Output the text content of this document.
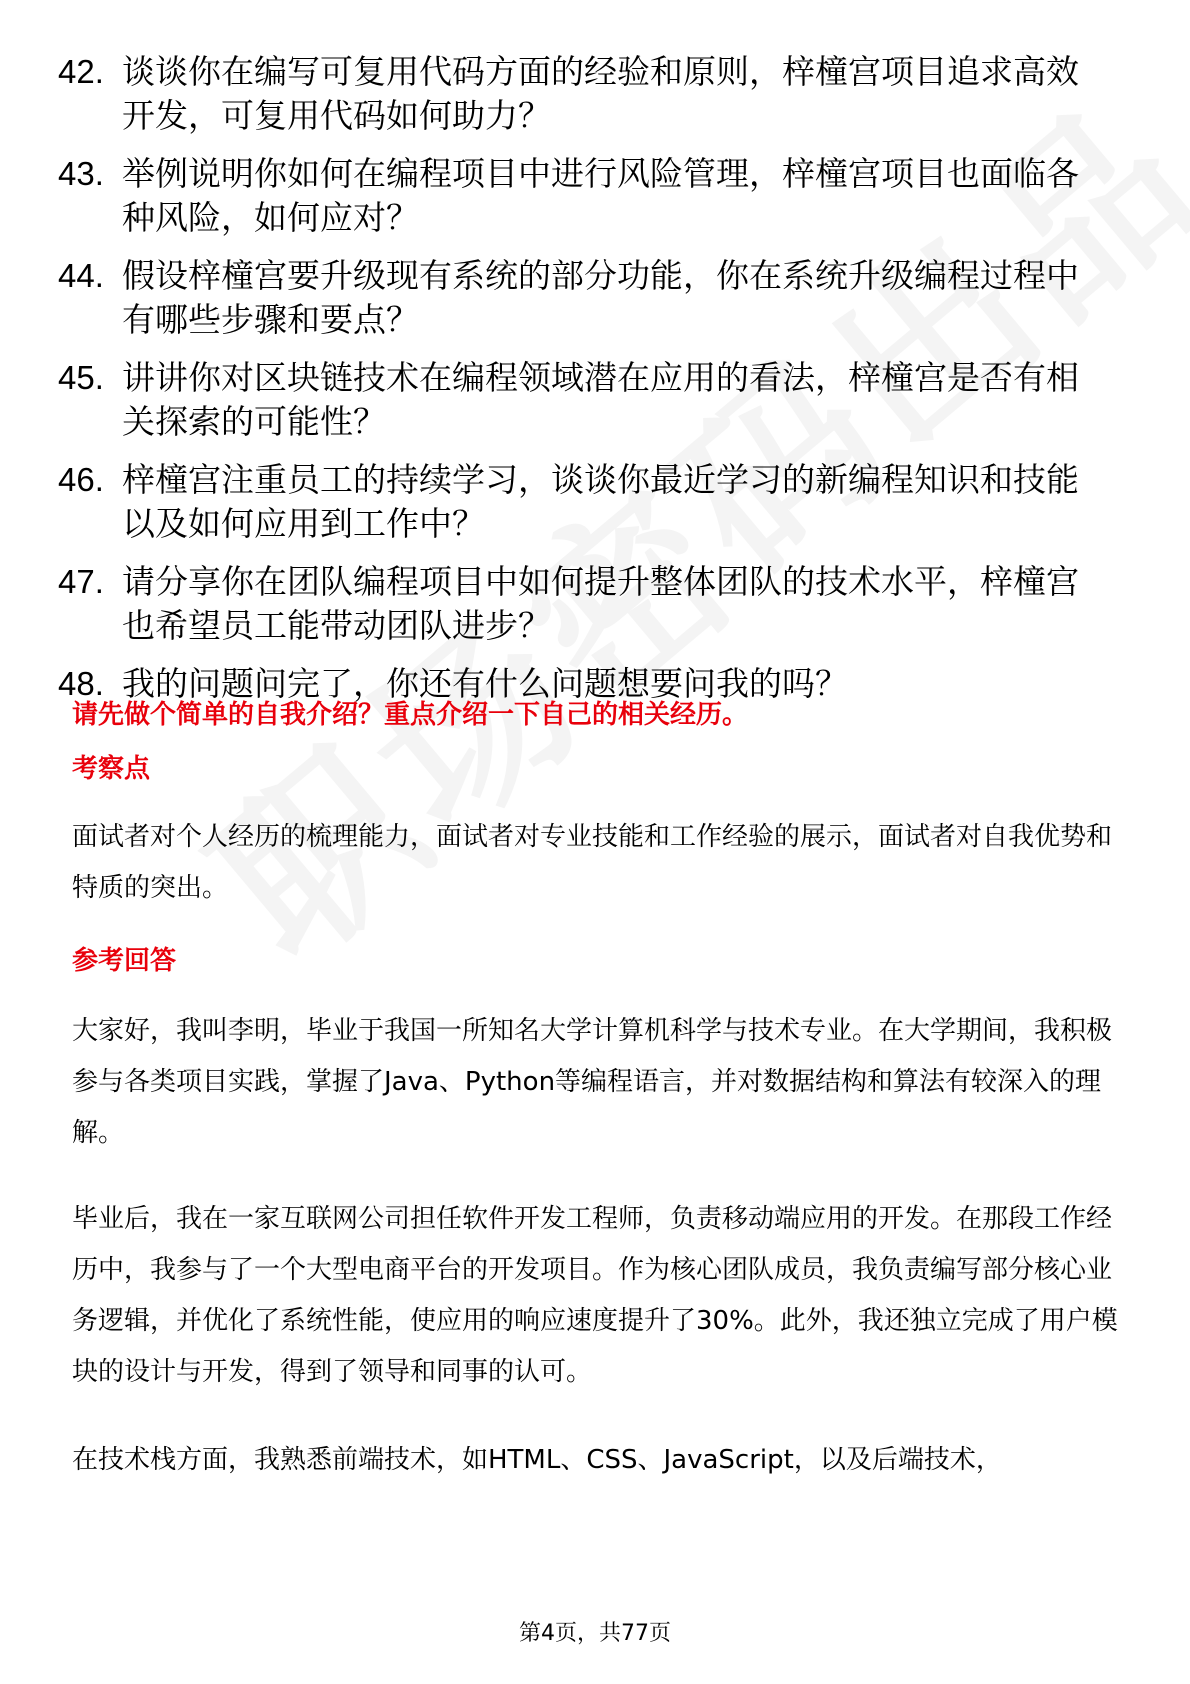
42. 谈谈你在编写可复用代码方面的经验和原则，梓橦宫项目追求高效开发，可复用代码如何助力？
43. 举例说明你如何在编程项目中进行风险管理，梓橦宫项目也面临各种风险，如何应对？
44. 假设梓橦宫要升级现有系统的部分功能，你在系统升级编程过程中有哪些步骤和要点？
45. 讲讲你对区块链技术在编程领域潜在应用的看法，梓橦宫是否有相关探索的可能性？
46. 梓橦宫注重员工的持续学习，谈谈你最近学习的新编程知识和技能以及如何应用到工作中？
47. 请分享你在团队编程项目中如何提升整体团队的技术水平，梓橦宫也希望员工能带动团队进步？
48. 我的问题问完了，你还有什么问题想要问我的吗？
请先做个简单的自我介绍？重点介绍一下自己的相关经历。
考察点
面试者对个人经历的梳理能力，面试者对专业技能和工作经验的展示，面试者对自我优势和特质的突出。
参考回答
大家好，我叫李明，毕业于我国一所知名大学计算机科学与技术专业。在大学期间，我积极参与各类项目实践，掌握了Java、Python等编程语言，并对数据结构和算法有较深入的理解。
毕业后，我在一家互联网公司担任软件开发工程师，负责移动端应用的开发。在那段工作经历中，我参与了一个大型电商平台的开发项目。作为核心团队成员，我负责编写部分核心业务逻辑，并优化了系统性能，使应用的响应速度提升了30%。此外，我还独立完成了用户模块的设计与开发，得到了领导和同事的认可。
在技术栈方面，我熟悉前端技术，如HTML、CSS、JavaScript，以及后端技术，
第4页，共77页
